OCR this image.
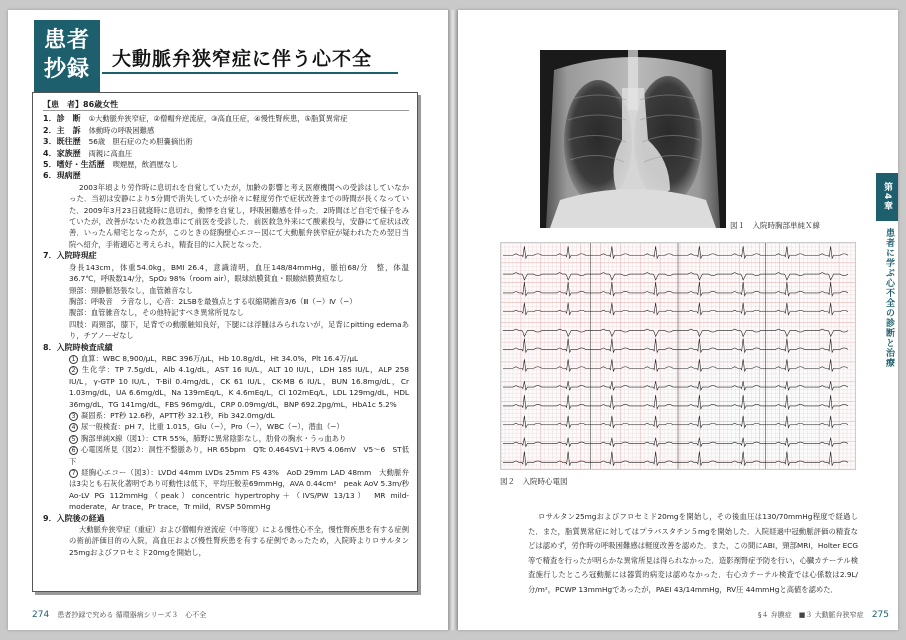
患者
抄録	大動脈弁狭窄症に伴う心不全
【患　者】86歳女性
1．診　断 ①大動脈弁狭窄症，②僧帽弁逆流症，③高血圧症，④慢性腎疾患，⑤脂質異常症
2．主　訴 体動時の呼吸困難感
3．既往歴 56歳　胆石症のため胆嚢摘出術
4．家族歴 両親に高血圧
5．嗜好・生活歴 喫煙歴，飲酒歴なし
6．現病歴
2003年頃より労作時に息切れを自覚していたが，加齢の影響と考え医療機関への受診はしていなかった．当初は安静により5分間で消失していたが徐々に軽度労作で症状改善までの時間が長くなっていた．2009年3月23日就寝時に息切れ，動悸を自覚し，呼吸困難感を伴った．2時間ほど自宅で様子をみていたが，改善がないため救急車にて前医を受診した．前医救急外来にて酸素投与，安静にて症状は改善．いったん帰宅となったが，このときの経胸壁心エコー図にて大動脈弁狭窄症が疑われたため翌日当院へ紹介，手術適応と考えられ，精査目的に入院となった．
7．入院時現症
身長143cm，体重54.0kg，BMI 26.4，意識清明，血圧148/84mmHg，脈拍68/分　整，体温36.7℃，呼吸数14/分，SpO₂ 98%（room air），眼球結膜貧血・眼瞼結膜黄疸なし
頸部：頸静脈怒張なし，血管雑音なし
胸部：呼吸音　ラ音なし，心音：2LSBを最強点とする収縮期雑音3/6（Ⅲ（−）Ⅳ（−）
腹部：血管雑音なし，その他特記すべき異常所見なし
四肢：両頸部，膝下，足背での動脈触知良好，下腿には浮腫はみられないが，足背にpitting edemaあり，チアノーゼなし
8．入院時検査成績
1 血算：WBC 8,900/μL，RBC 396万/μL，Hb 10.8g/dL，Ht 34.0%，Plt 16.4万/μL
2 生化学：TP 7.5g/dL，Alb 4.1g/dL，AST 16 IU/L，ALT 10 IU/L，LDH 185 IU/L，ALP 258 IU/L，γ-GTP 10 IU/L，T-Bil 0.4mg/dL，CK 61 IU/L，CK-MB 6 IU/L，BUN 16.8mg/dL，Cr 1.03mg/dL，UA 6.6mg/dL，Na 139mEq/L，K 4.6mEq/L，Cl 102mEq/L，LDL 129mg/dL，HDL 36mg/dL，TG 141mg/dL，FBS 96mg/dL，CRP 0.09mg/dL，BNP 692.2pg/mL，HbA1c 5.2%
3 凝固系：PT秒 12.6秒，APTT秒 32.1秒，Fib 342.0mg/dL
4 尿一般検査：pH 7，比重 1.015，Glu（−），Pro（−），WBC（−），潜血（−）
5 胸部単純X線（図1）：CTR 55%，肺野に異常陰影なし，肋骨の胸水・うっ血あり
6 心電図所見（図2）：洞性不整脈あり，HR 65bpm　QTc 0.464SV1＋RV5 4.06mV　V5〜6　ST低下
7 経胸心エコー（図3）：LVDd 44mm LVDs 25mm FS 43%　AoD 29mm LAD 48mm　大動脈弁は3尖とも石灰化著明であり可動性は低下，平均圧較差69mmHg，AVA 0.44cm²　peak AoV 5.3m/秒 Ao-LV PG 112mmHg（peak）concentric hypertrophy＋（IVS/PW 13/13）　MR mild-moderate，Ar trace，Pr trace，Tr mild，RVSP 50mmHg
9．入院後の経過
大動脈弁狭窄症（重症）および僧帽弁逆流症（中等度）による慢性心不全，慢性腎疾患を有する症例の術前評価目的の入院，高血圧および慢性腎疾患を有する症例であったため，入院時よりロサルタン25mgおよびフロセミド20mgを開始し，
274 患者抄録で究める 循環器病シリーズ３　心不全
図１　入院時胸部単純Ｘ線
図２　入院時心電図

ロサルタン25mgおよびフロセミド20mgを開始し，その後血圧は130/70mmHg程度で経過した．また，脂質異常症に対してはプラバスタチン５mgを開始した．入院経過中冠動脈評価の精査などは認めず，労作時の呼吸困難感は軽度改善を認めた．また，この間にABI，頸部MRI，Holter ECG等で精査を行ったが明らかな異常所見は得られなかった．造影剤腎症予防を行い，心臓カテーテル検査施行したところ冠動脈には器質的病変は認めなかった．右心カテーテル検査では心係数は2.9L/分/m²，PCWP 13mmHgであったが，PAEI 43/14mmHg，RV圧 44mmHgと高値を認めた．

第4章
患者に学ぶ心不全の診断と治療
§４ 弁膜症　■３ 大動脈弁狭窄症 275
